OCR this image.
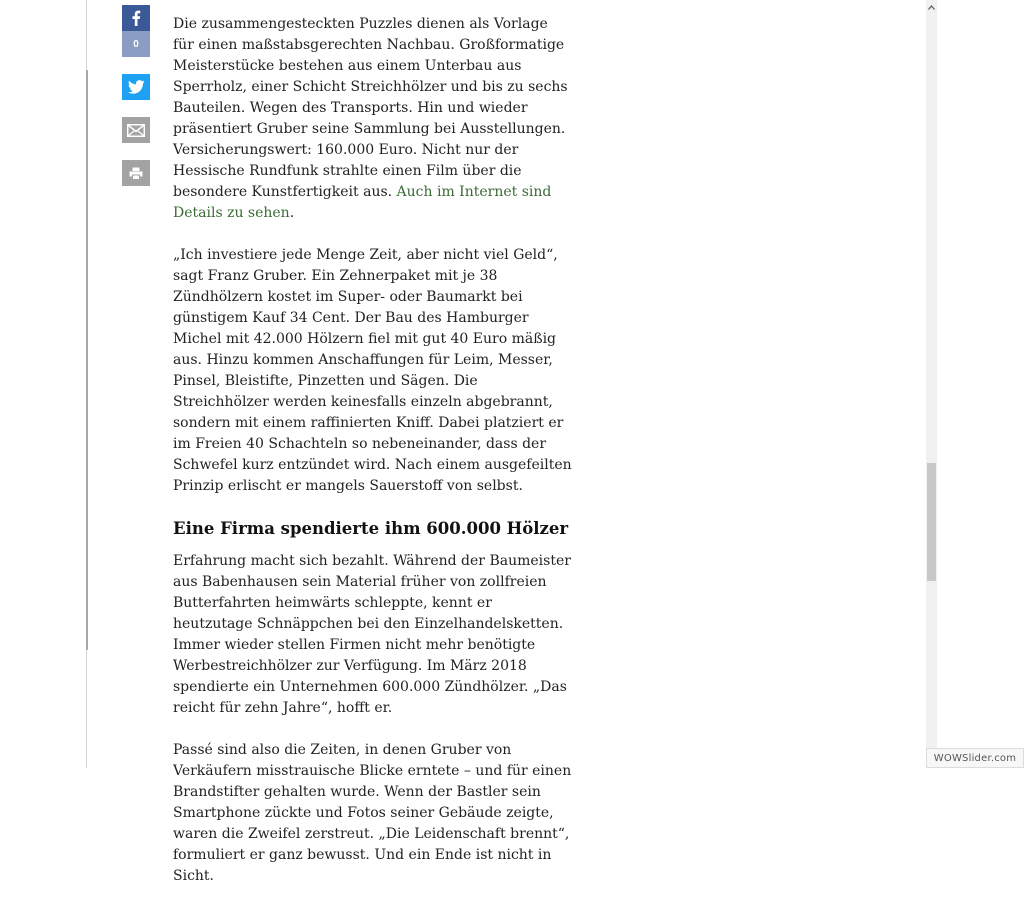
0

Die zusammengesteckten Puzzles dienen als Vorlage für einen maßstabsgerechten Nachbau. Großformatige Meisterstücke bestehen aus einem Unterbau aus Sperrholz, einer Schicht Streichhölzer und bis zu sechs Bauteilen. Wegen des Transports. Hin und wieder präsentiert Gruber seine Sammlung bei Ausstellungen. Versicherungswert: 160.000 Euro. Nicht nur der Hessische Rundfunk strahlte einen Film über die besondere Kunstfertigkeit aus. Auch im Internet sind Details zu sehen.

„Ich investiere jede Menge Zeit, aber nicht viel Geld“, sagt Franz Gruber. Ein Zehnerpaket mit je 38 Zündhölzern kostet im Super- oder Baumarkt bei günstigem Kauf 34 Cent. Der Bau des Hamburger Michel mit 42.000 Hölzern fiel mit gut 40 Euro mäßig aus. Hinzu kommen Anschaffungen für Leim, Messer, Pinsel, Bleistifte, Pinzetten und Sägen. Die Streichhölzer werden keinesfalls einzeln abgebrannt, sondern mit einem raffinierten Kniff. Dabei platziert er im Freien 40 Schachteln so nebeneinander, dass der Schwefel kurz entzündet wird. Nach einem ausgefeilten Prinzip erlischt er mangels Sauerstoff von selbst.

Eine Firma spendierte ihm 600.000 Hölzer

Erfahrung macht sich bezahlt. Während der Baumeister aus Babenhausen sein Material früher von zollfreien Butterfahrten heimwärts schleppte, kennt er heutzutage Schnäppchen bei den Einzelhandelsketten. Immer wieder stellen Firmen nicht mehr benötigte Werbestreichhölzer zur Verfügung. Im März 2018 spendierte ein Unternehmen 600.000 Zündhölzer. „Das reicht für zehn Jahre“, hofft er.

Passé sind also die Zeiten, in denen Gruber von Verkäufern misstrauische Blicke erntete – und für einen Brandstifter gehalten wurde. Wenn der Bastler sein Smartphone zückte und Fotos seiner Gebäude zeigte, waren die Zweifel zerstreut. „Die Leidenschaft brennt“, formuliert er ganz bewusst. Und ein Ende ist nicht in Sicht.

WOWSlider.com
